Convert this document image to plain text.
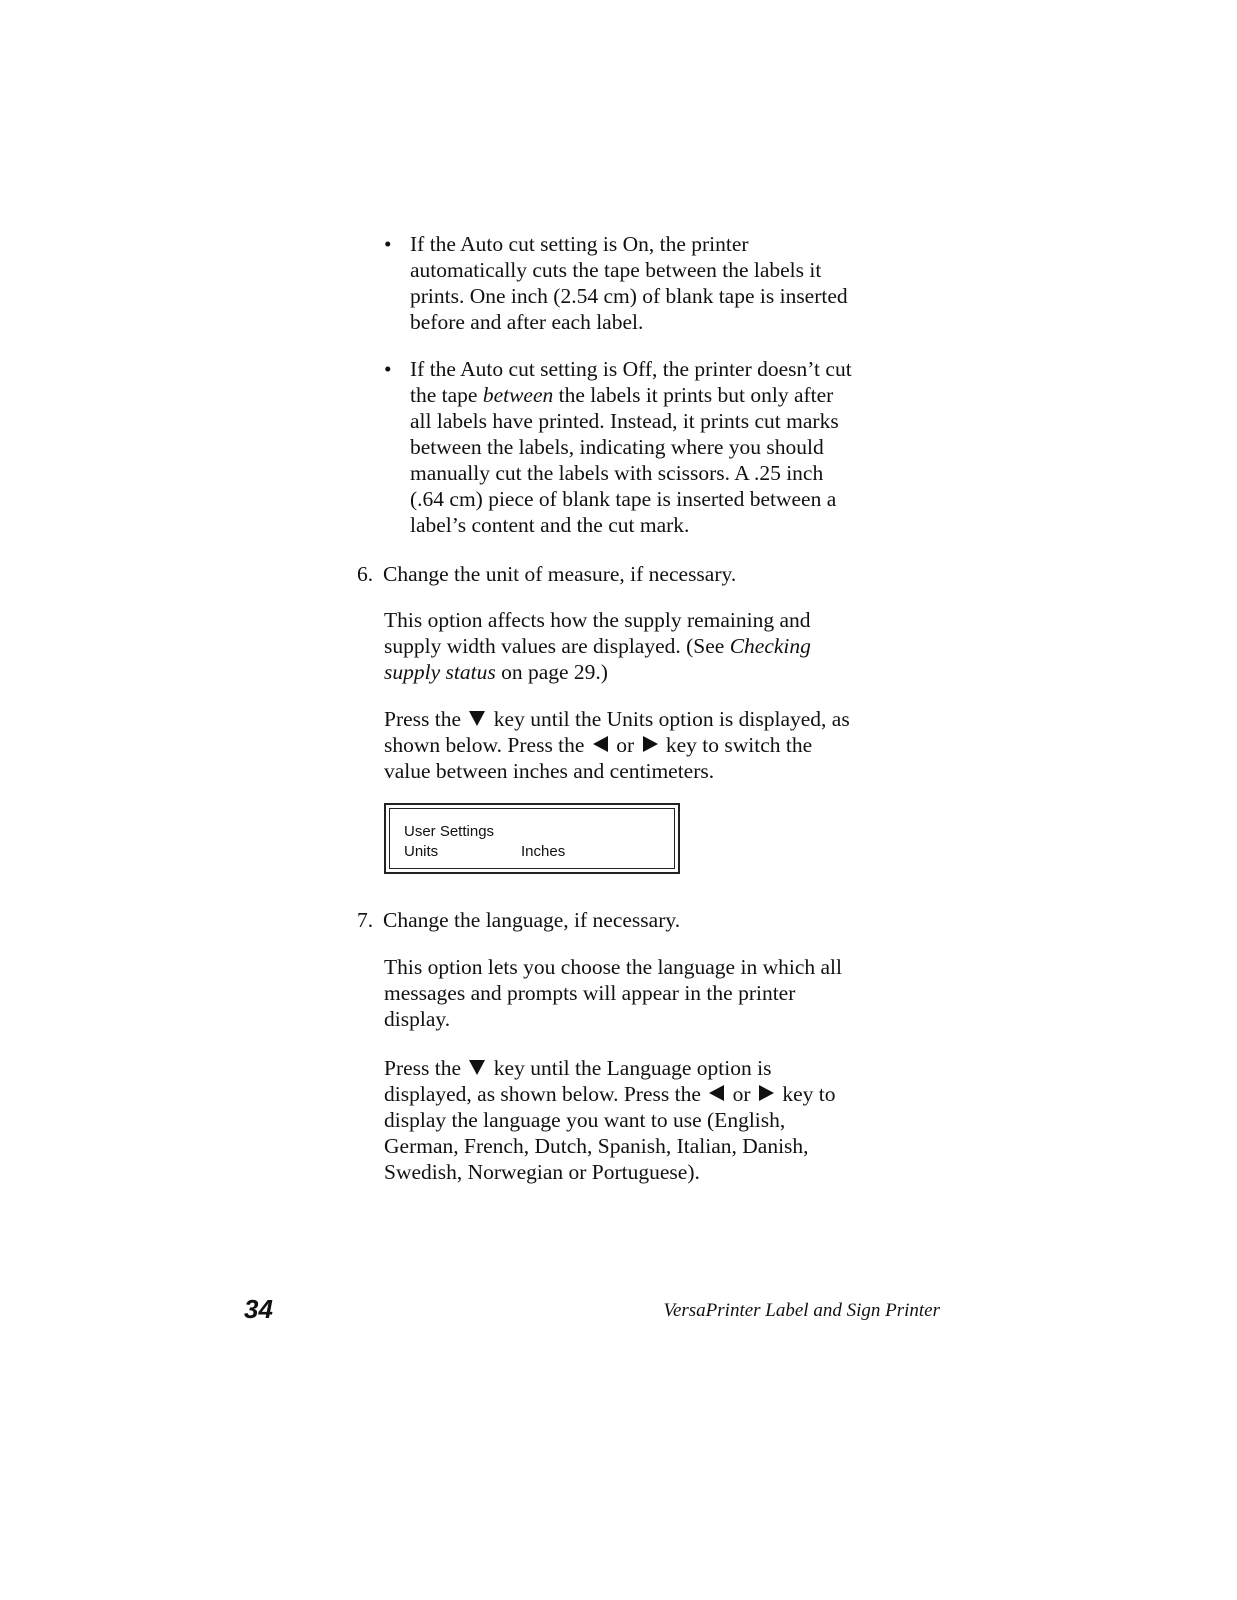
• If the Auto cut setting is On, the printer
automatically cuts the tape between the labels it
prints. One inch (2.54 cm) of blank tape is inserted
before and after each label.
• If the Auto cut setting is Off, the printer doesn’t cut
the tape between the labels it prints but only after
all labels have printed. Instead, it prints cut marks
between the labels, indicating where you should
manually cut the labels with scissors. A .25 inch
(.64 cm) piece of blank tape is inserted between a
label’s content and the cut mark.
6. Change the unit of measure, if necessary.
This option affects how the supply remaining and
supply width values are displayed. (See Checking
supply status on page 29.)
Press the  key until the Units option is displayed, as
shown below. Press the  or  key to switch the
value between inches and centimeters.
User Settings
Units	Inches
7. Change the language, if necessary.
This option lets you choose the language in which all
messages and prompts will appear in the printer
display.
Press the  key until the Language option is
displayed, as shown below. Press the  or  key to
display the language you want to use (English,
German, French, Dutch, Spanish, Italian, Danish,
Swedish, Norwegian or Portuguese).
34	VersaPrinter Label and Sign Printer
